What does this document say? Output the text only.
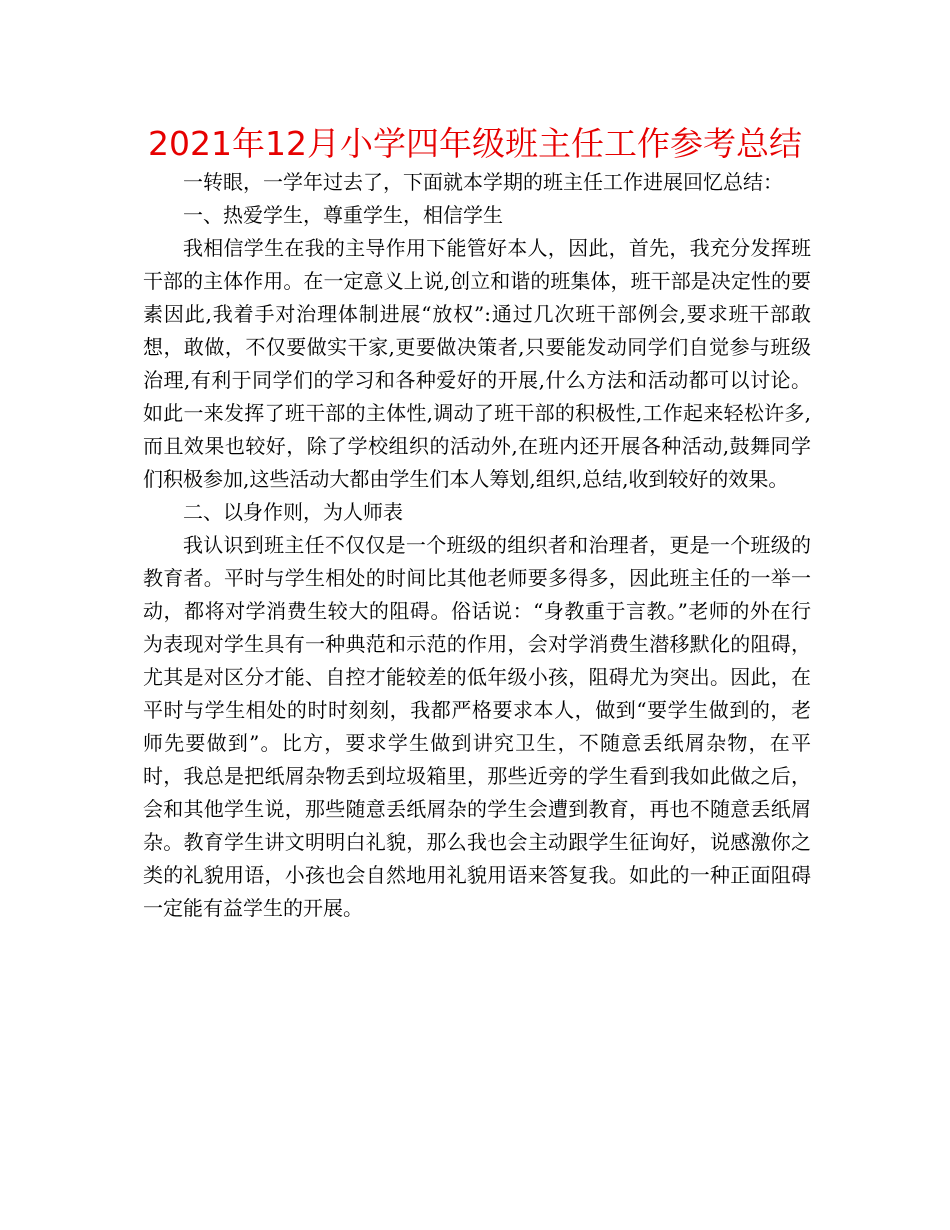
2021年12月小学四年级班主任工作参考总结

一转眼，一学年过去了，下面就本学期的班主任工作进展回忆总结：

一、热爱学生，尊重学生，相信学生

我相信学生在我的主导作用下能管好本人，因此，首先，我充分发挥班干部的主体作用。在一定意义上说,创立和谐的班集体，班干部是决定性的要素因此,我着手对治理体制进展“放权”:通过几次班干部例会,要求班干部敢想，敢做，不仅要做实干家,更要做决策者,只要能发动同学们自觉参与班级治理,有利于同学们的学习和各种爱好的开展,什么方法和活动都可以讨论。如此一来发挥了班干部的主体性,调动了班干部的积极性,工作起来轻松许多,而且效果也较好，除了学校组织的活动外,在班内还开展各种活动,鼓舞同学们积极参加,这些活动大都由学生们本人筹划,组织,总结,收到较好的效果。

二、以身作则，为人师表

我认识到班主任不仅仅是一个班级的组织者和治理者，更是一个班级的教育者。平时与学生相处的时间比其他老师要多得多，因此班主任的一举一动，都将对学消费生较大的阻碍。俗话说：“身教重于言教。”老师的外在行为表现对学生具有一种典范和示范的作用，会对学消费生潜移默化的阻碍，尤其是对区分才能、自控才能较差的低年级小孩，阻碍尤为突出。因此，在平时与学生相处的时时刻刻，我都严格要求本人，做到“要学生做到的，老师先要做到”。比方，要求学生做到讲究卫生，不随意丢纸屑杂物，在平时，我总是把纸屑杂物丢到垃圾箱里，那些近旁的学生看到我如此做之后，会和其他学生说，那些随意丢纸屑杂的学生会遭到教育，再也不随意丢纸屑杂。教育学生讲文明明白礼貌，那么我也会主动跟学生征询好，说感激你之类的礼貌用语，小孩也会自然地用礼貌用语来答复我。如此的一种正面阻碍一定能有益学生的开展。
